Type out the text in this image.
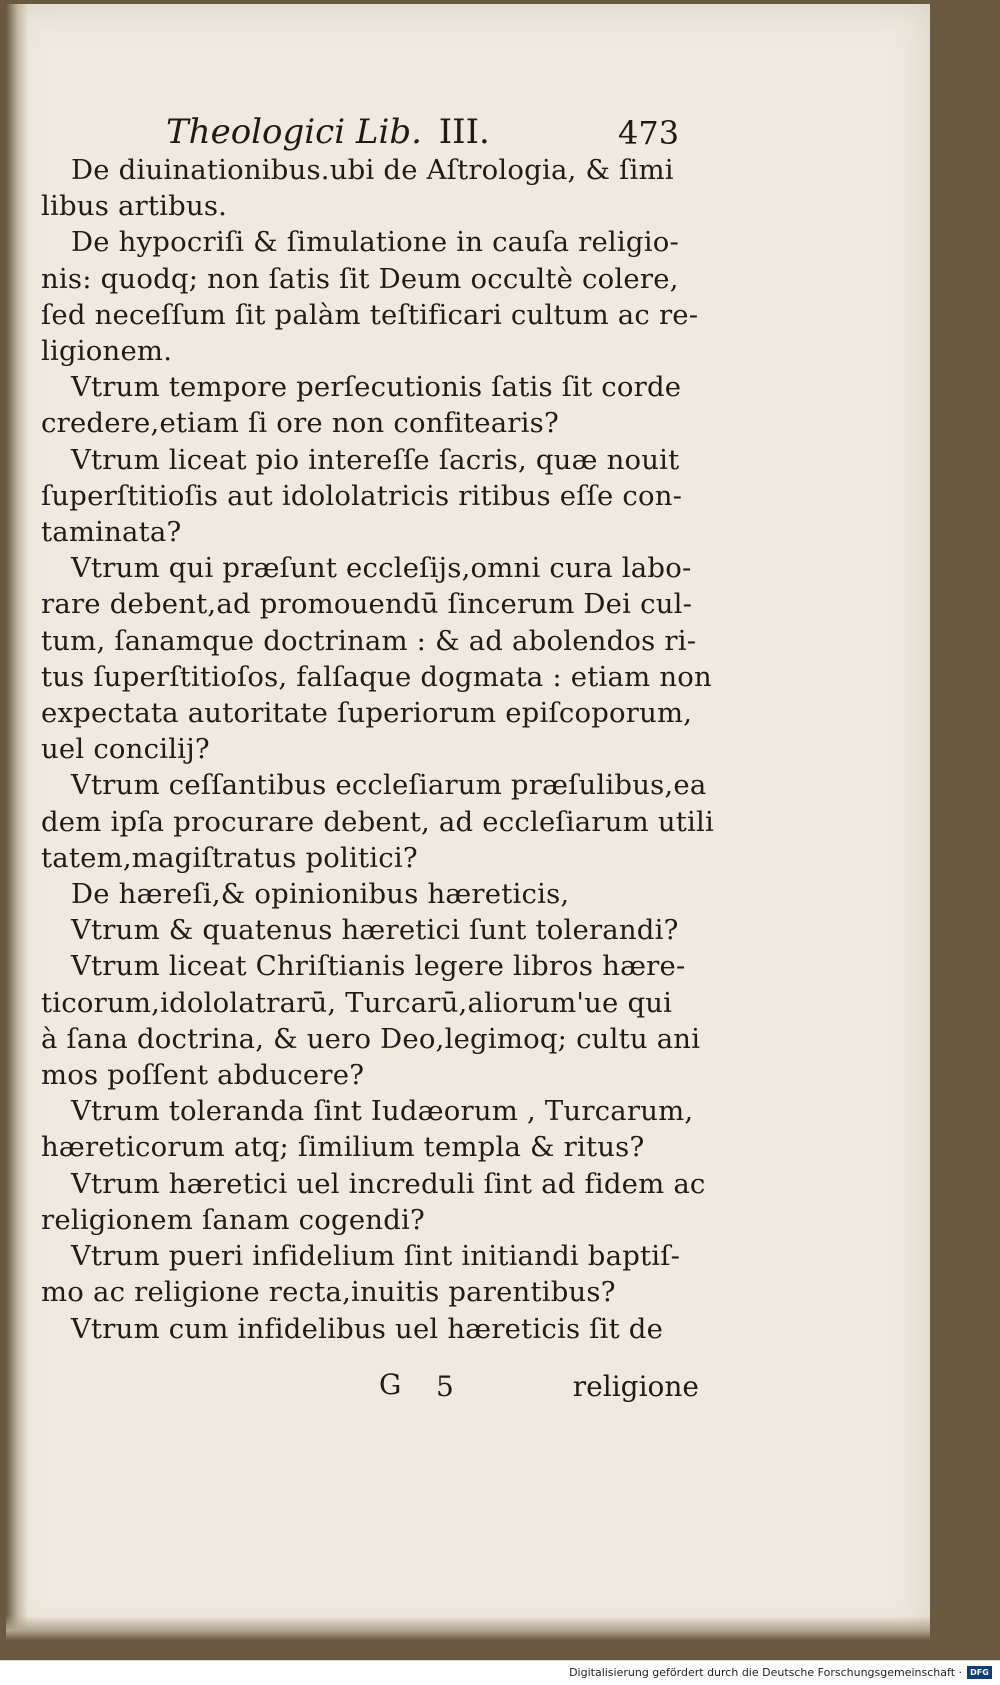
Theologici Lib. III.	473
De diuinationibus.ubi de Aſtrologia, & ſimi
libus artibus.
De hypocriſi & ſimulatione in cauſa religio-
nis: quodq; non ſatis ſit Deum occultè colere,
ſed neceſſum ſit palàm teſtificari cultum ac re-
ligionem.
Vtrum tempore perſecutionis ſatis ſit corde
credere,etiam ſi ore non confitearis?
Vtrum liceat pio intereſſe ſacris, quæ nouit
ſuperſtitioſis aut idololatricis ritibus eſſe con-
taminata?
Vtrum qui præſunt eccleſijs,omni cura labo-
rare debent,ad promouendū ſincerum Dei cul-
tum, ſanamque doctrinam : & ad abolendos ri-
tus ſuperſtitioſos, falſaque dogmata : etiam non
expectata autoritate ſuperiorum epiſcoporum,
uel concilij?
Vtrum ceſſantibus eccleſiarum præſulibus,ea
dem ipſa procurare debent, ad eccleſiarum utili
tatem,magiſtratus politici?
De hæreſi,& opinionibus hæreticis,
Vtrum & quatenus hæretici ſunt tolerandi?
Vtrum liceat Chriſtianis legere libros hære-
ticorum,idololatrarū, Turcarū,aliorum'ue qui
à ſana doctrina, & uero Deo,legimoq; cultu ani
mos poſſent abducere?
Vtrum toleranda ſint Iudæorum , Turcarum,
hæreticorum atq; ſimilium templa & ritus?
Vtrum hæretici uel increduli ſint ad fidem ac
religionem ſanam cogendi?
Vtrum pueri infidelium ſint initiandi baptiſ-
mo ac religione recta,inuitis parentibus?
Vtrum cum infidelibus uel hæreticis ſit de
G 5	religione
Digitalisierung gefördert durch die Deutsche Forschungsgemeinschaft ·	DFG
